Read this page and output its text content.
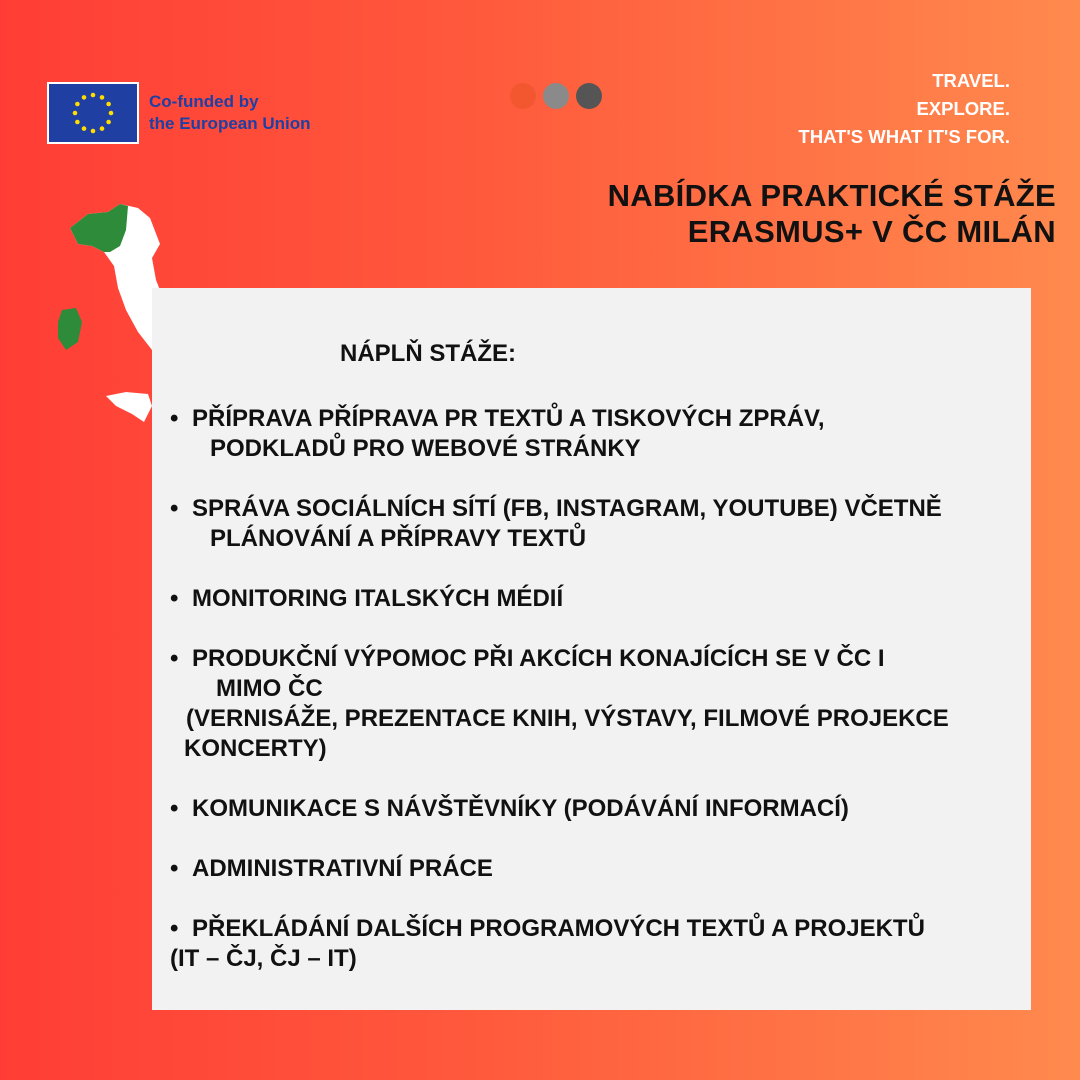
Co-funded by
the European Union
TRAVEL.
EXPLORE.
THAT'S WHAT IT'S FOR.
NABÍDKA PRAKTICKÉ STÁŽE
ERASMUS+ V ČC MILÁN
NÁPLŇ STÁŽE:
• PŘÍPRAVA PŘÍPRAVA PR TEXTŮ A TISKOVÝCH ZPRÁV,
PODKLADŮ PRO WEBOVÉ STRÁNKY
• SPRÁVA SOCIÁLNÍCH SÍTÍ (FB, INSTAGRAM, YOUTUBE) VČETNĚ
PLÁNOVÁNÍ A PŘÍPRAVY TEXTŮ
• MONITORING ITALSKÝCH MÉDIÍ
• PRODUKČNÍ VÝPOMOC PŘI AKCÍCH KONAJÍCÍCH SE V ČC I
MIMO ČC
(VERNISÁŽE, PREZENTACE KNIH, VÝSTAVY, FILMOVÉ PROJEKCE
KONCERTY)
• KOMUNIKACE S NÁVŠTĚVNÍKY (PODÁVÁNÍ INFORMACÍ)
• ADMINISTRATIVNÍ PRÁCE
• PŘEKLÁDÁNÍ DALŠÍCH PROGRAMOVÝCH TEXTŮ A PROJEKTŮ
(IT – ČJ, ČJ – IT)
